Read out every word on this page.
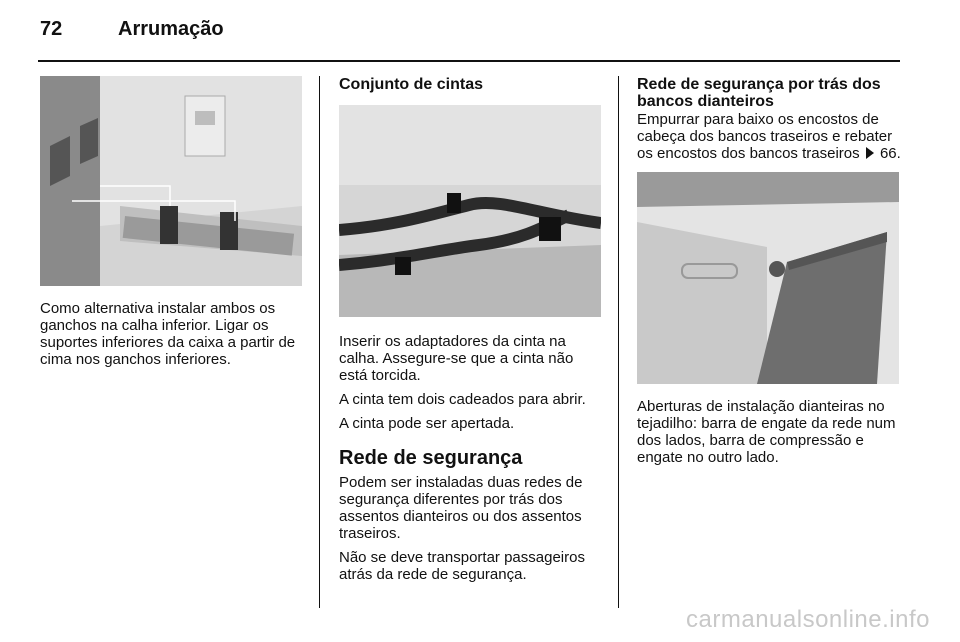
72	Arrumação

Como alternativa instalar ambos os ganchos na calha inferior. Ligar os suportes inferiores da caixa a partir de cima nos ganchos inferiores.

Conjunto de cintas

Inserir os adaptadores da cinta na calha. Assegure-se que a cinta não está torcida.

A cinta tem dois cadeados para abrir.

A cinta pode ser apertada.

Rede de segurança

Podem ser instaladas duas redes de segurança diferentes por trás dos assentos dianteiros ou dos assentos traseiros.

Não se deve transportar passageiros atrás da rede de segurança.

Rede de segurança por trás dos bancos dianteiros

Empurrar para baixo os encostos de cabeça dos bancos traseiros e rebater os encostos dos bancos traseiros 66.

Aberturas de instalação dianteiras no tejadilho: barra de engate da rede num dos lados, barra de compressão e engate no outro lado.

carmanualsonline.info
